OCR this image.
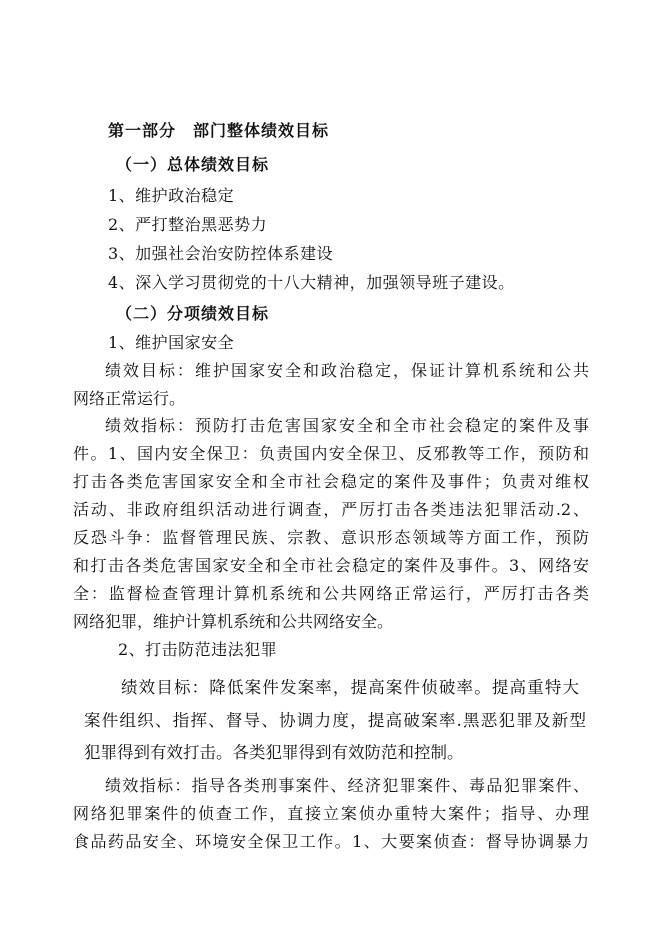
第一部分　部门整体绩效目标
（一）总体绩效目标
1、维护政治稳定
2、严打整治黑恶势力
3、加强社会治安防控体系建设
4、深入学习贯彻党的十八大精神，加强领导班子建设。
（二）分项绩效目标
1、维护国家安全
绩效目标：维护国家安全和政治稳定，保证计算机系统和公共
网络正常运行。
绩效指标：预防打击危害国家安全和全市社会稳定的案件及事
件。1、国内安全保卫：负责国内安全保卫、反邪教等工作，预防和
打击各类危害国家安全和全市社会稳定的案件及事件；负责对维权
活动、非政府组织活动进行调查，严厉打击各类违法犯罪活动.2、
反恐斗争：监督管理民族、宗教、意识形态领域等方面工作，预防
和打击各类危害国家安全和全市社会稳定的案件及事件。3、网络安
全：监督检查管理计算机系统和公共网络正常运行，严厉打击各类
网络犯罪，维护计算机系统和公共网络安全。
2、打击防范违法犯罪
绩效目标：降低案件发案率，提高案件侦破率。提高重特大
案件组织、指挥、督导、协调力度，提高破案率.黑恶犯罪及新型
犯罪得到有效打击。各类犯罪得到有效防范和控制。
绩效指标：指导各类刑事案件、经济犯罪案件、毒品犯罪案件、
网络犯罪案件的侦查工作，直接立案侦办重特大案件；指导、办理
食品药品安全、环境安全保卫工作。1、大要案侦查：督导协调暴力
